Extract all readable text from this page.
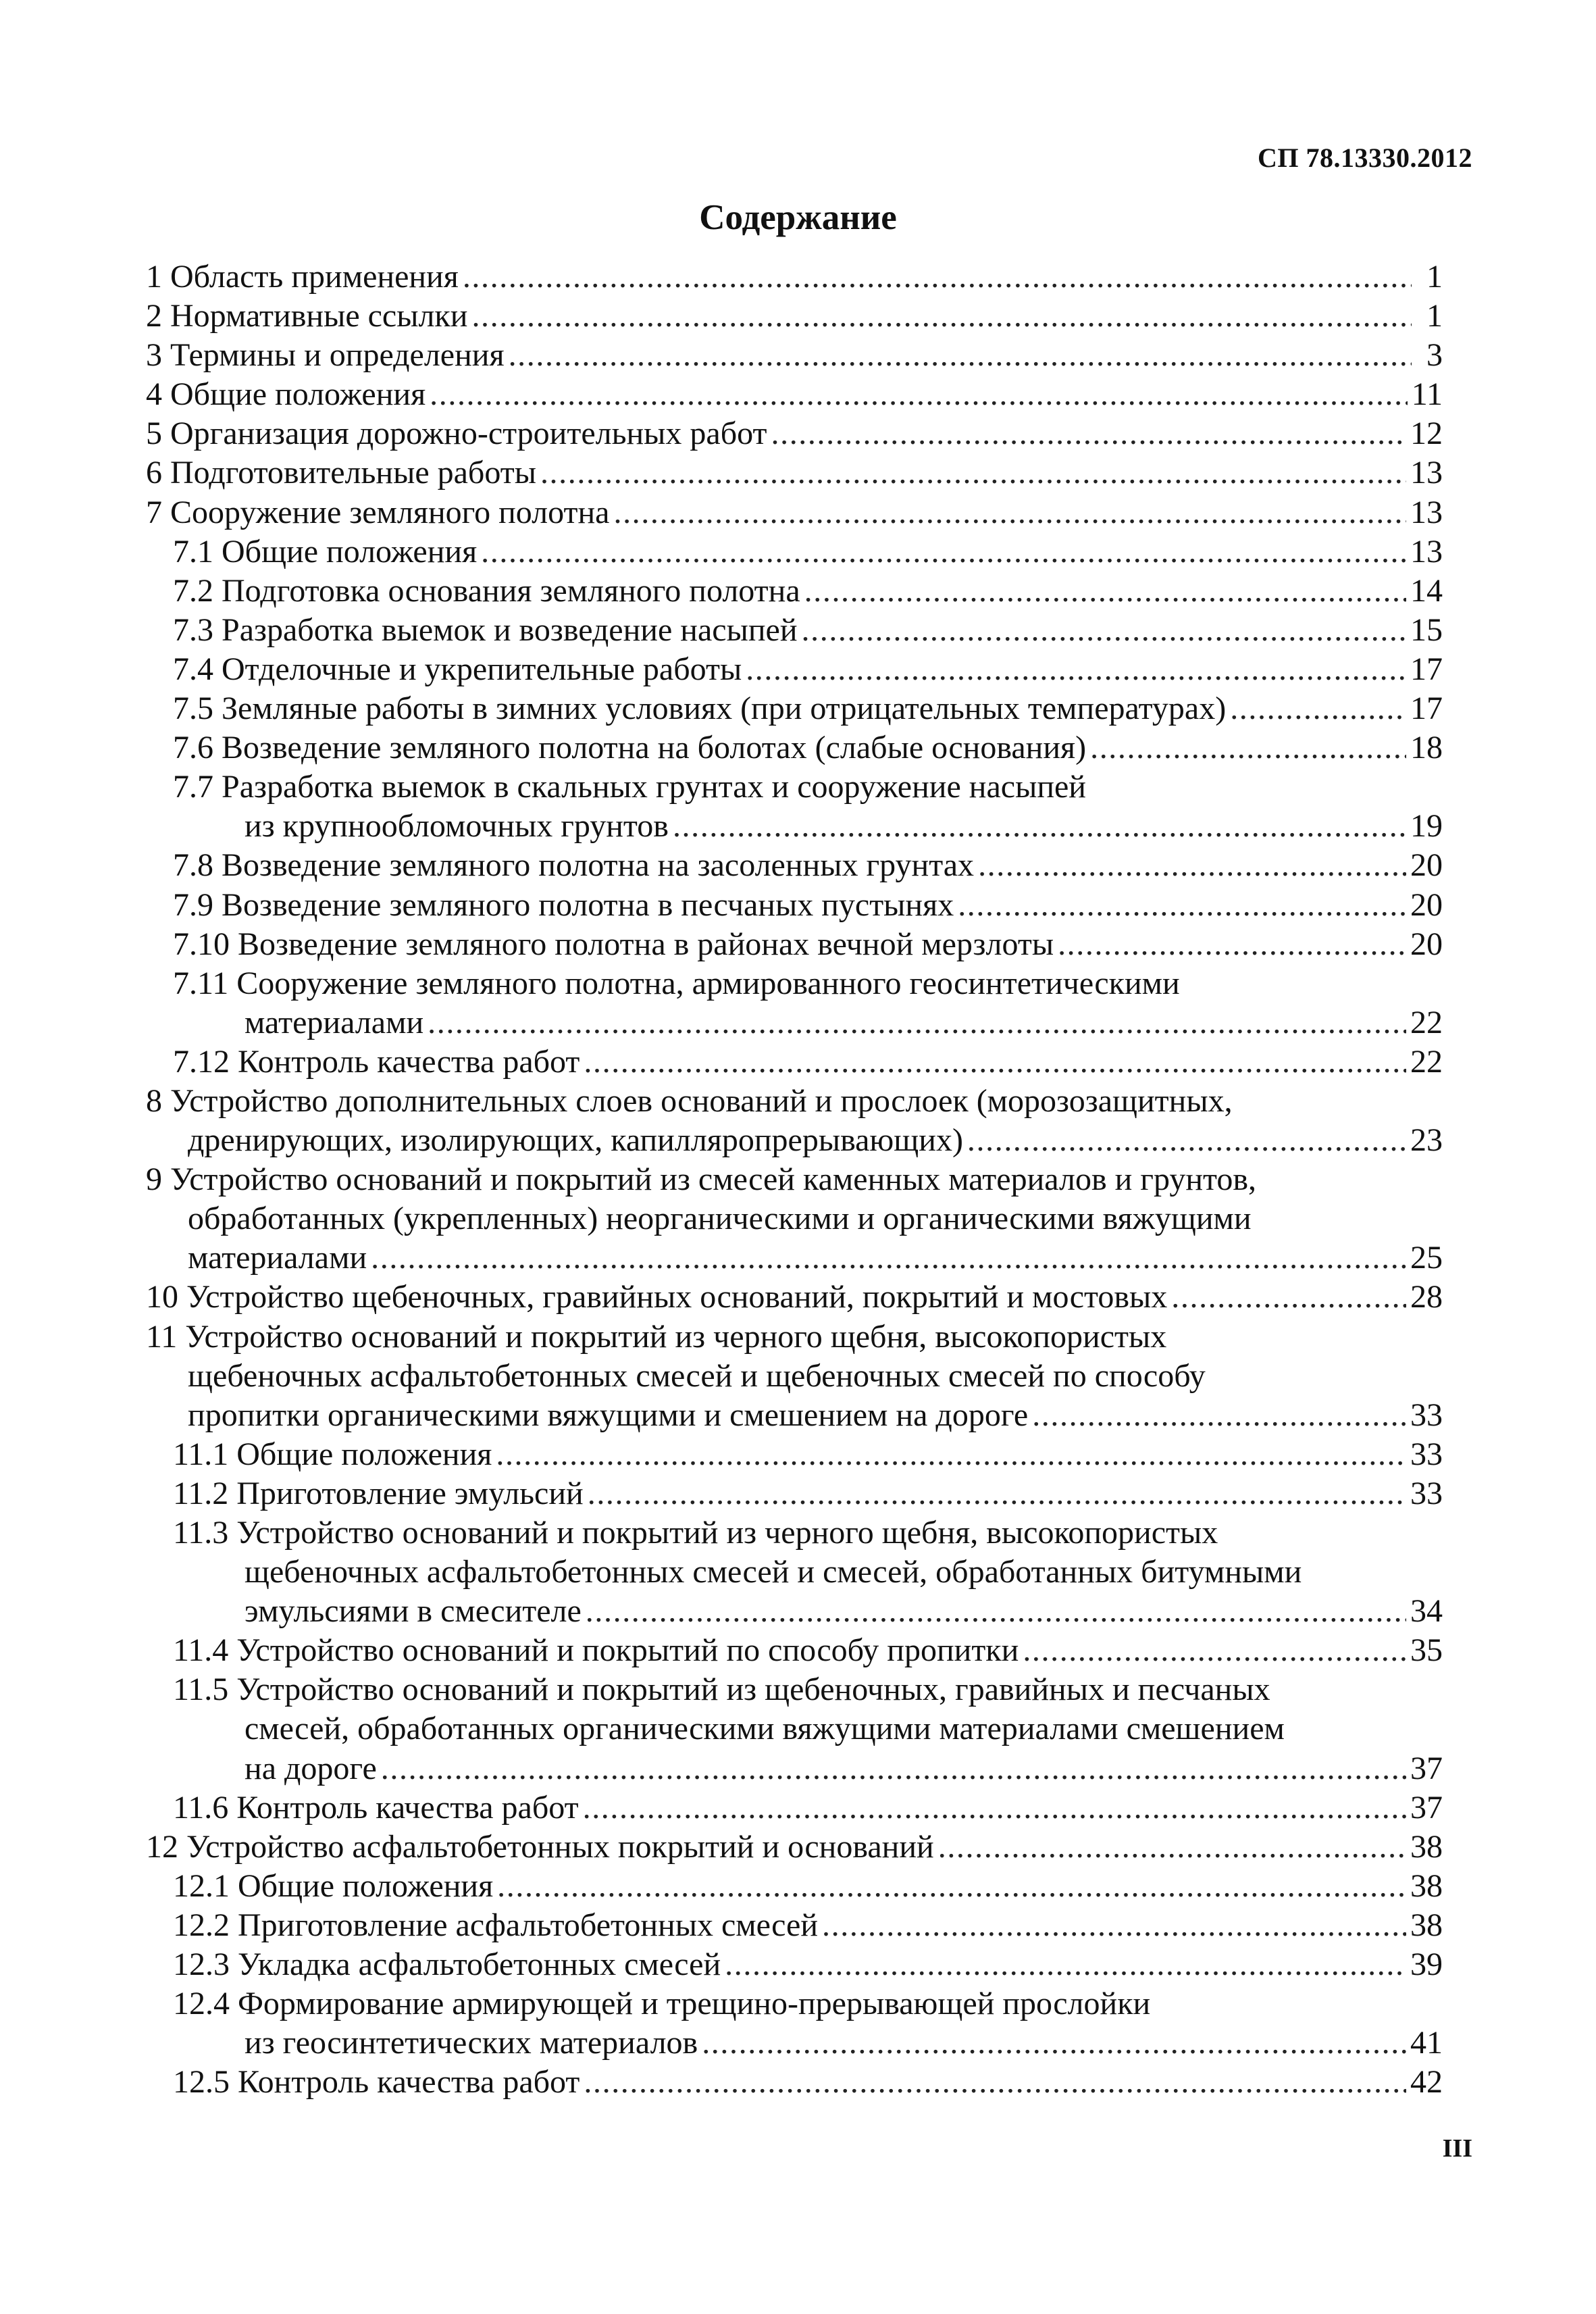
СП 78.13330.2012
Содержание
1 Область применения .....	1
2 Нормативные ссылки .....	1
3 Термины и определения .....	3
4 Общие положения .....	11
5 Организация дорожно-строительных работ .....	12
6 Подготовительные работы .....	13
7 Сооружение земляного полотна .....	13
7.1 Общие положения .....	13
7.2 Подготовка основания земляного полотна .....	14
7.3 Разработка выемок и возведение насыпей .....	15
7.4 Отделочные и укрепительные работы .....	17
7.5 Земляные работы в зимних условиях (при отрицательных температурах) .....	17
7.6 Возведение земляного полотна на болотах (слабые основания) .....	18
7.7 Разработка выемок в скальных грунтах и сооружение насыпей
из крупнообломочных грунтов .....	19
7.8 Возведение земляного полотна на засоленных грунтах .....	20
7.9 Возведение земляного полотна в песчаных пустынях .....	20
7.10 Возведение земляного полотна в районах вечной мерзлоты .....	20
7.11 Сооружение земляного полотна, армированного геосинтетическими
материалами .....	22
7.12 Контроль качества работ .....	22
8 Устройство дополнительных слоев оснований и прослоек (морозозащитных,
дренирующих, изолирующих, капилляропрерывающих) .....	23
9 Устройство оснований и покрытий из смесей каменных материалов и грунтов,
обработанных (укрепленных) неорганическими и органическими вяжущими
материалами .....	25
10 Устройство щебеночных, гравийных оснований, покрытий и мостовых .....	28
11 Устройство оснований и покрытий из черного щебня, высокопористых
щебеночных асфальтобетонных смесей и щебеночных смесей по способу
пропитки органическими вяжущими и смешением на дороге .....	33
11.1 Общие положения .....	33
11.2 Приготовление эмульсий .....	33
11.3 Устройство оснований и покрытий из черного щебня, высокопористых
щебеночных асфальтобетонных смесей и смесей, обработанных битумными
эмульсиями в смесителе .....	34
11.4 Устройство оснований и покрытий по способу пропитки .....	35
11.5 Устройство оснований и покрытий из щебеночных, гравийных и песчаных
смесей, обработанных органическими вяжущими материалами смешением
на дороге .....	37
11.6 Контроль качества работ .....	37
12 Устройство асфальтобетонных покрытий и оснований .....	38
12.1 Общие положения .....	38
12.2 Приготовление асфальтобетонных смесей .....	38
12.3 Укладка асфальтобетонных смесей .....	39
12.4 Формирование армирующей и трещино-прерывающей прослойки
из геосинтетических материалов .....	41
12.5 Контроль качества работ .....	42
III
